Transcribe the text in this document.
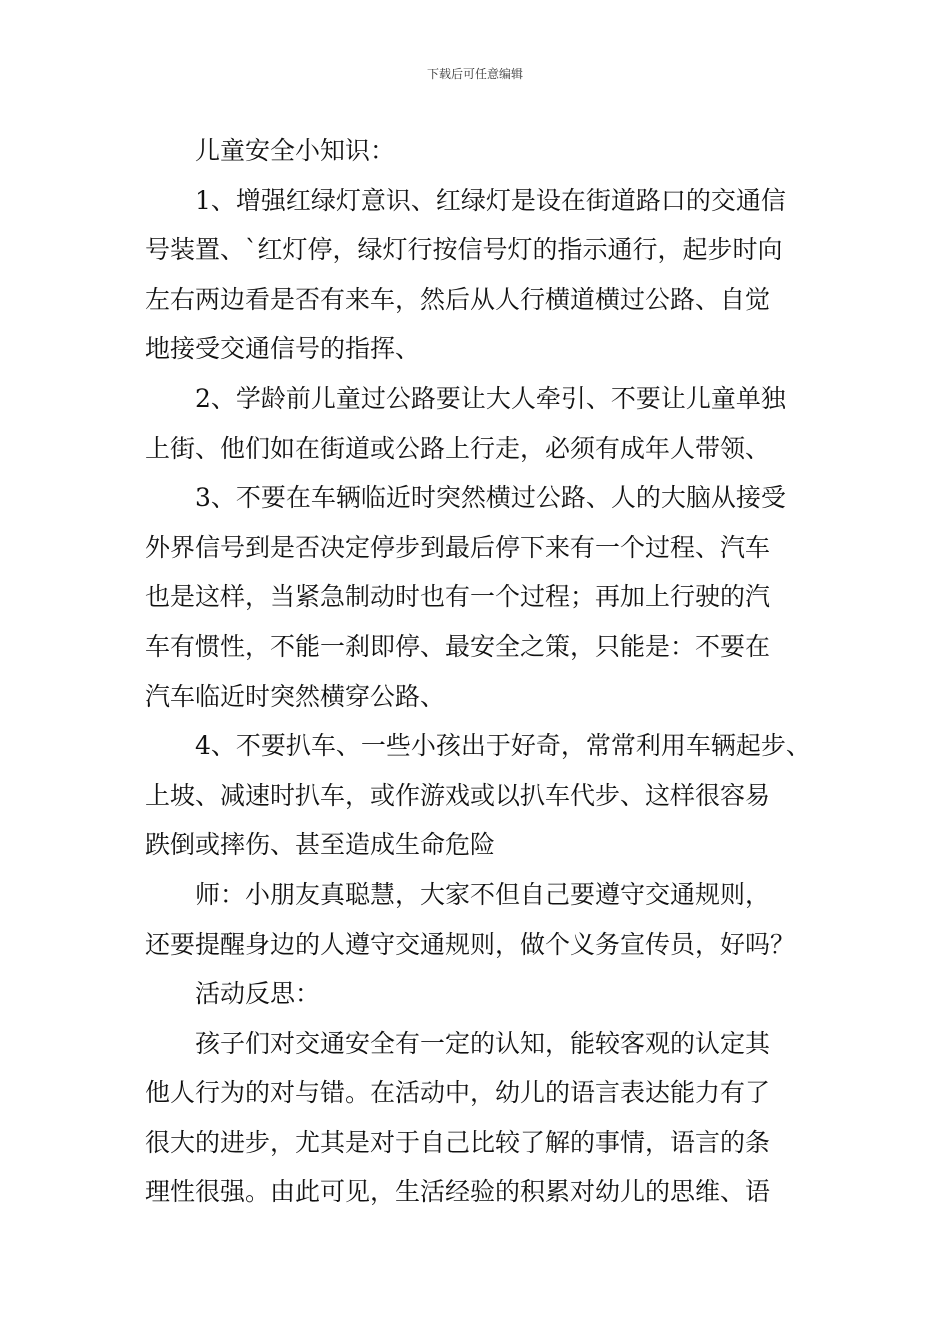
下载后可任意编辑
儿童安全小知识：
1、增强红绿灯意识、红绿灯是设在街道路口的交通信
号装置、`红灯停，绿灯行按信号灯的指示通行，起步时向
左右两边看是否有来车，然后从人行横道横过公路、自觉
地接受交通信号的指挥、
2、学龄前儿童过公路要让大人牵引、不要让儿童单独
上街、他们如在街道或公路上行走，必须有成年人带领、
3、不要在车辆临近时突然横过公路、人的大脑从接受
外界信号到是否决定停步到最后停下来有一个过程、汽车
也是这样，当紧急制动时也有一个过程；再加上行驶的汽
车有惯性，不能一刹即停、最安全之策，只能是：不要在
汽车临近时突然横穿公路、
4、不要扒车、一些小孩出于好奇，常常利用车辆起步、
上坡、减速时扒车，或作游戏或以扒车代步、这样很容易
跌倒或摔伤、甚至造成生命危险
师：小朋友真聪慧，大家不但自己要遵守交通规则，
还要提醒身边的人遵守交通规则，做个义务宣传员，好吗？
活动反思：
孩子们对交通安全有一定的认知，能较客观的认定其
他人行为的对与错。在活动中，幼儿的语言表达能力有了
很大的进步，尤其是对于自己比较了解的事情，语言的条
理性很强。由此可见，生活经验的积累对幼儿的思维、语
